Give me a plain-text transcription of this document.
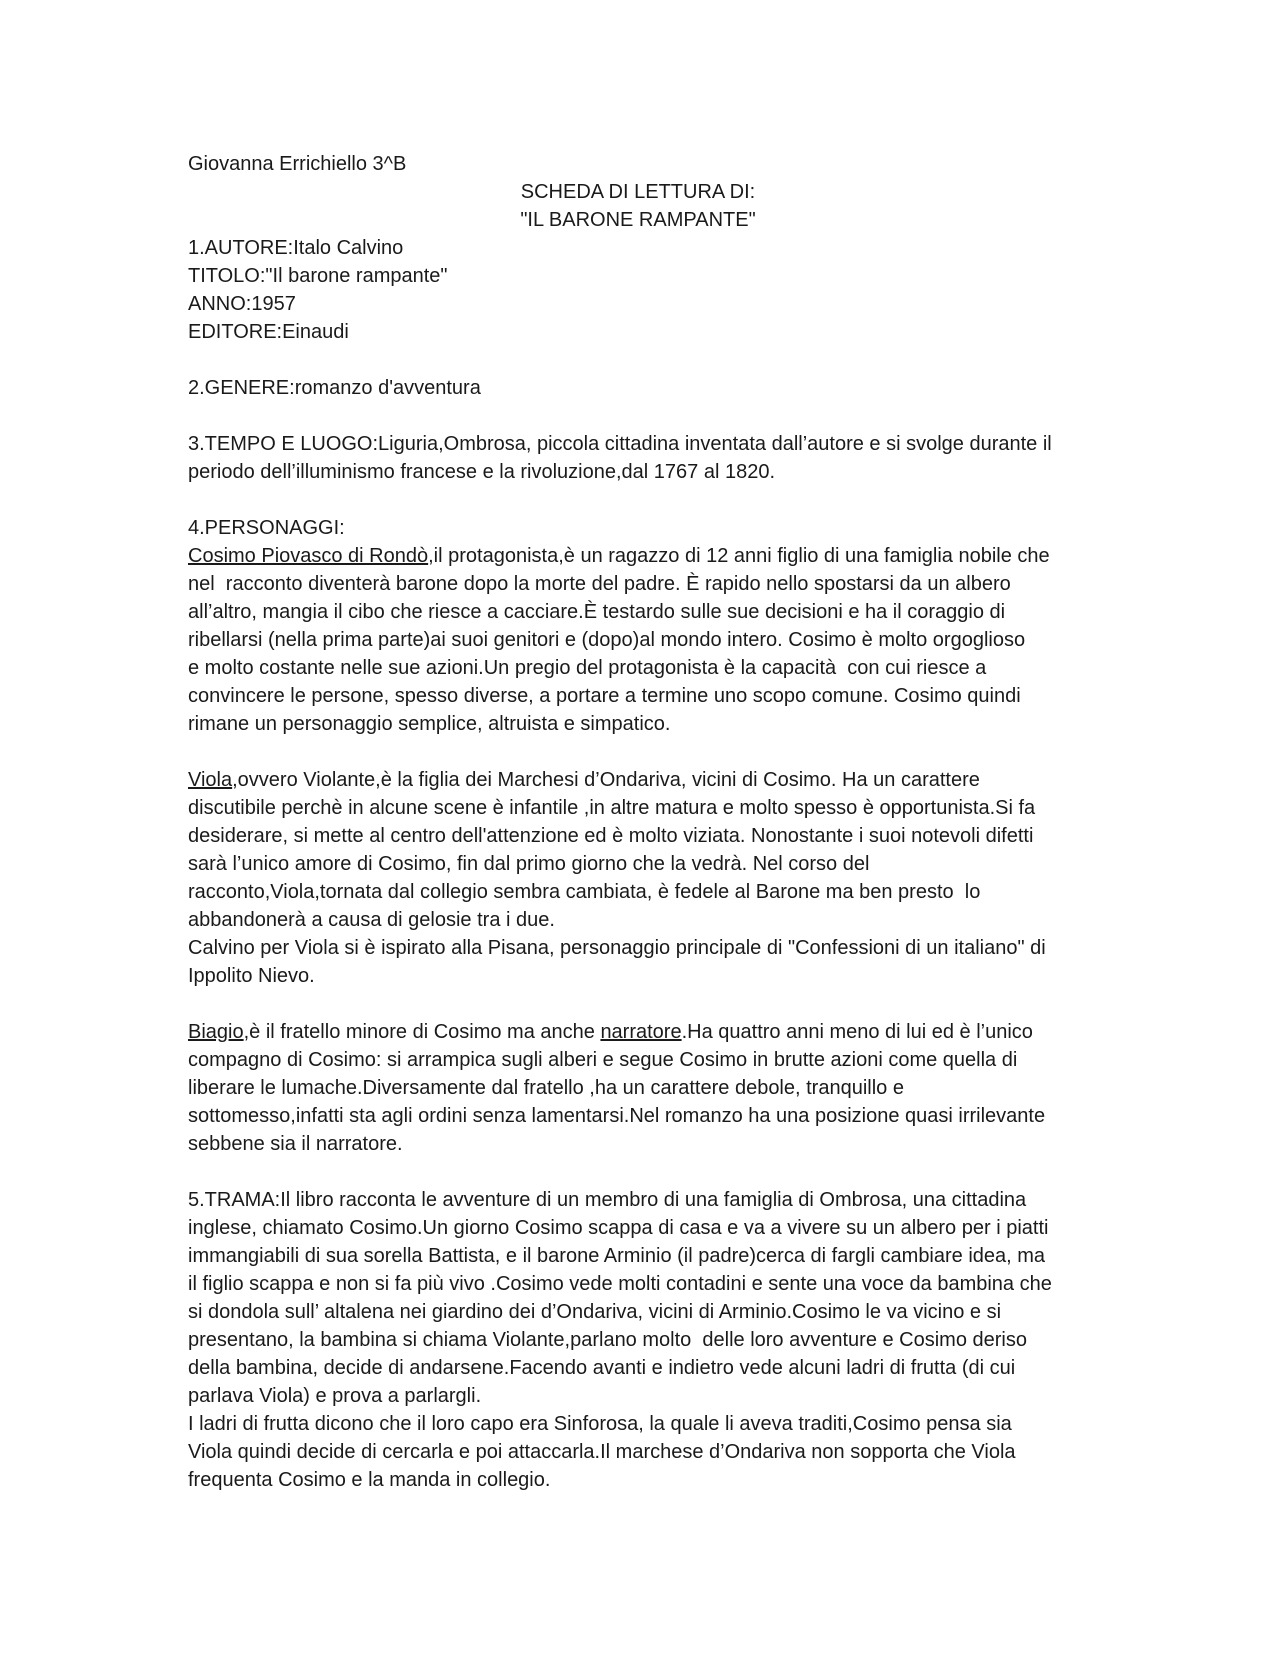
Giovanna Errichiello 3^B
SCHEDA DI LETTURA DI:
"IL BARONE RAMPANTE"
1.AUTORE:Italo Calvino
TITOLO:"Il barone rampante"
ANNO:1957
EDITORE:Einaudi
2.GENERE:romanzo d'avventura
3.TEMPO E LUOGO:Liguria,Ombrosa, piccola cittadina inventata dall’autore e si svolge durante il
periodo dell’illuminismo francese e la rivoluzione,dal 1767 al 1820.
4.PERSONAGGI:
Cosimo Piovasco di Rondò,il protagonista,è un ragazzo di 12 anni figlio di una famiglia nobile che
nel  racconto diventerà barone dopo la morte del padre. È rapido nello spostarsi da un albero
all’altro, mangia il cibo che riesce a cacciare.È testardo sulle sue decisioni e ha il coraggio di
ribellarsi (nella prima parte)ai suoi genitori e (dopo)al mondo intero. Cosimo è molto orgoglioso
e molto costante nelle sue azioni.Un pregio del protagonista è la capacità  con cui riesce a
convincere le persone, spesso diverse, a portare a termine uno scopo comune. Cosimo quindi
rimane un personaggio semplice, altruista e simpatico.
Viola,ovvero Violante,è la figlia dei Marchesi d’Ondariva, vicini di Cosimo. Ha un carattere
discutibile perchè in alcune scene è infantile ,in altre matura e molto spesso è opportunista.Si fa
desiderare, si mette al centro dell'attenzione ed è molto viziata. Nonostante i suoi notevoli difetti
sarà l’unico amore di Cosimo, fin dal primo giorno che la vedrà. Nel corso del
racconto,Viola,tornata dal collegio sembra cambiata, è fedele al Barone ma ben presto  lo
abbandonerà a causa di gelosie tra i due.
Calvino per Viola si è ispirato alla Pisana, personaggio principale di "Confessioni di un italiano" di
Ippolito Nievo.
Biagio,è il fratello minore di Cosimo ma anche narratore.Ha quattro anni meno di lui ed è l’unico
compagno di Cosimo: si arrampica sugli alberi e segue Cosimo in brutte azioni come quella di
liberare le lumache.Diversamente dal fratello ,ha un carattere debole, tranquillo e
sottomesso,infatti sta agli ordini senza lamentarsi.Nel romanzo ha una posizione quasi irrilevante
sebbene sia il narratore.
5.TRAMA:Il libro racconta le avventure di un membro di una famiglia di Ombrosa, una cittadina
inglese, chiamato Cosimo.Un giorno Cosimo scappa di casa e va a vivere su un albero per i piatti
immangiabili di sua sorella Battista, e il barone Arminio (il padre)cerca di fargli cambiare idea, ma
il figlio scappa e non si fa più vivo .Cosimo vede molti contadini e sente una voce da bambina che
si dondola sull’ altalena nei giardino dei d’Ondariva, vicini di Arminio.Cosimo le va vicino e si
presentano, la bambina si chiama Violante,parlano molto  delle loro avventure e Cosimo deriso
della bambina, decide di andarsene.Facendo avanti e indietro vede alcuni ladri di frutta (di cui
parlava Viola) e prova a parlargli.
I ladri di frutta dicono che il loro capo era Sinforosa, la quale li aveva traditi,Cosimo pensa sia
Viola quindi decide di cercarla e poi attaccarla.Il marchese d’Ondariva non sopporta che Viola
frequenta Cosimo e la manda in collegio.
